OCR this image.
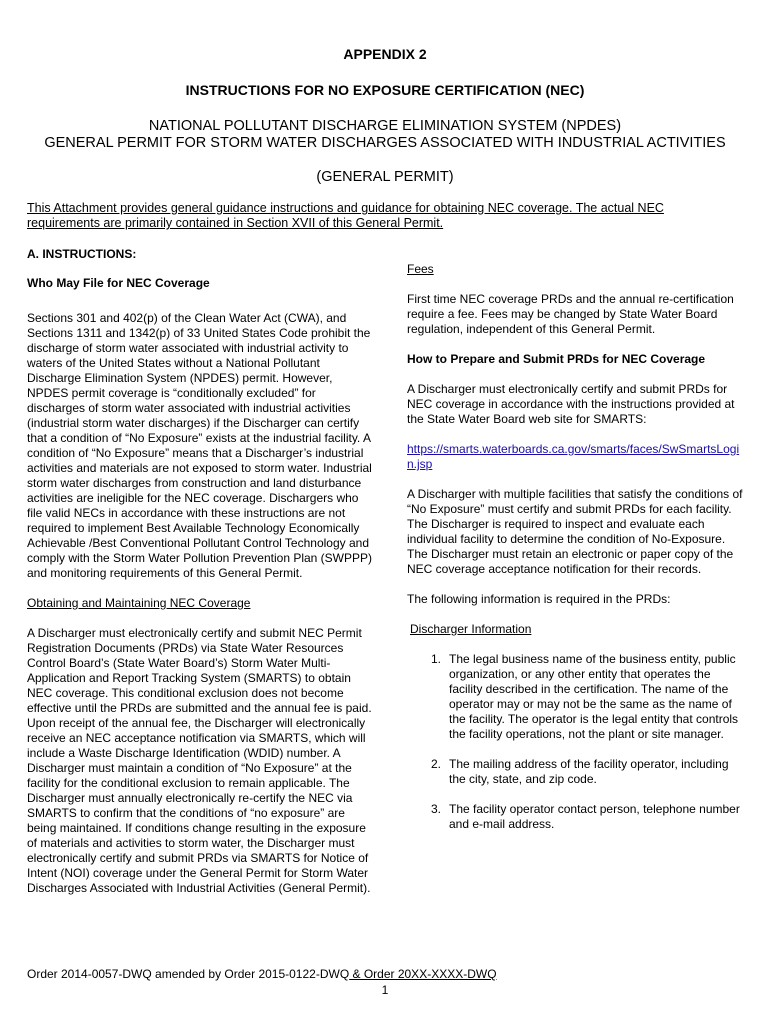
APPENDIX 2
INSTRUCTIONS FOR NO EXPOSURE CERTIFICATION (NEC)
NATIONAL POLLUTANT DISCHARGE ELIMINATION SYSTEM (NPDES)
GENERAL PERMIT FOR STORM WATER DISCHARGES ASSOCIATED WITH INDUSTRIAL ACTIVITIES
(GENERAL PERMIT)

This Attachment provides general guidance instructions and guidance for obtaining NEC coverage. The actual NEC requirements are primarily contained in Section XVII of this General Permit.

A. INSTRUCTIONS:

Who May File for NEC Coverage

Sections 301 and 402(p) of the Clean Water Act (CWA), and Sections 1311 and 1342(p) of 33 United States Code prohibit the discharge of storm water associated with industrial activity to waters of the United States without a National Pollutant Discharge Elimination System (NPDES) permit. However, NPDES permit coverage is “conditionally excluded” for discharges of storm water associated with industrial activities (industrial storm water discharges) if the Discharger can certify that a condition of “No Exposure” exists at the industrial facility. A condition of “No Exposure” means that a Discharger’s industrial activities and materials are not exposed to storm water. Industrial storm water discharges from construction and land disturbance activities are ineligible for the NEC coverage. Dischargers who file valid NECs in accordance with these instructions are not required to implement Best Available Technology Economically Achievable /Best Conventional Pollutant Control Technology and comply with the Storm Water Pollution Prevention Plan (SWPPP) and monitoring requirements of this General Permit.

Obtaining and Maintaining NEC Coverage

A Discharger must electronically certify and submit NEC Permit Registration Documents (PRDs) via State Water Resources Control Board’s (State Water Board’s) Storm Water Multi-Application and Report Tracking System (SMARTS) to obtain NEC coverage. This conditional exclusion does not become effective until the PRDs are submitted and the annual fee is paid. Upon receipt of the annual fee, the Discharger will electronically receive an NEC acceptance notification via SMARTS, which will include a Waste Discharge Identification (WDID) number. A Discharger must maintain a condition of “No Exposure” at the facility for the conditional exclusion to remain applicable. The Discharger must annually electronically re-certify the NEC via SMARTS to confirm that the conditions of “no exposure” are being maintained. If conditions change resulting in the exposure of materials and activities to storm water, the Discharger must electronically certify and submit PRDs via SMARTS for Notice of Intent (NOI) coverage under the General Permit for Storm Water Discharges Associated with Industrial Activities (General Permit).

Fees

First time NEC coverage PRDs and the annual re-certification require a fee. Fees may be changed by State Water Board regulation, independent of this General Permit.

How to Prepare and Submit PRDs for NEC Coverage

A Discharger must electronically certify and submit PRDs for NEC coverage in accordance with the instructions provided at the State Water Board web site for SMARTS:

https://smarts.waterboards.ca.gov/smarts/faces/SwSmartsLogin.jsp

A Discharger with multiple facilities that satisfy the conditions of “No Exposure” must certify and submit PRDs for each facility. The Discharger is required to inspect and evaluate each individual facility to determine the condition of No-Exposure. The Discharger must retain an electronic or paper copy of the NEC coverage acceptance notification for their records.

The following information is required in the PRDs:

Discharger Information

1. The legal business name of the business entity, public organization, or any other entity that operates the facility described in the certification. The name of the operator may or may not be the same as the name of the facility. The operator is the legal entity that controls the facility operations, not the plant or site manager.
2. The mailing address of the facility operator, including the city, state, and zip code.
3. The facility operator contact person, telephone number and e-mail address.
Order 2014-0057-DWQ amended by Order 2015-0122-DWQ & Order 20XX-XXXX-DWQ
1
